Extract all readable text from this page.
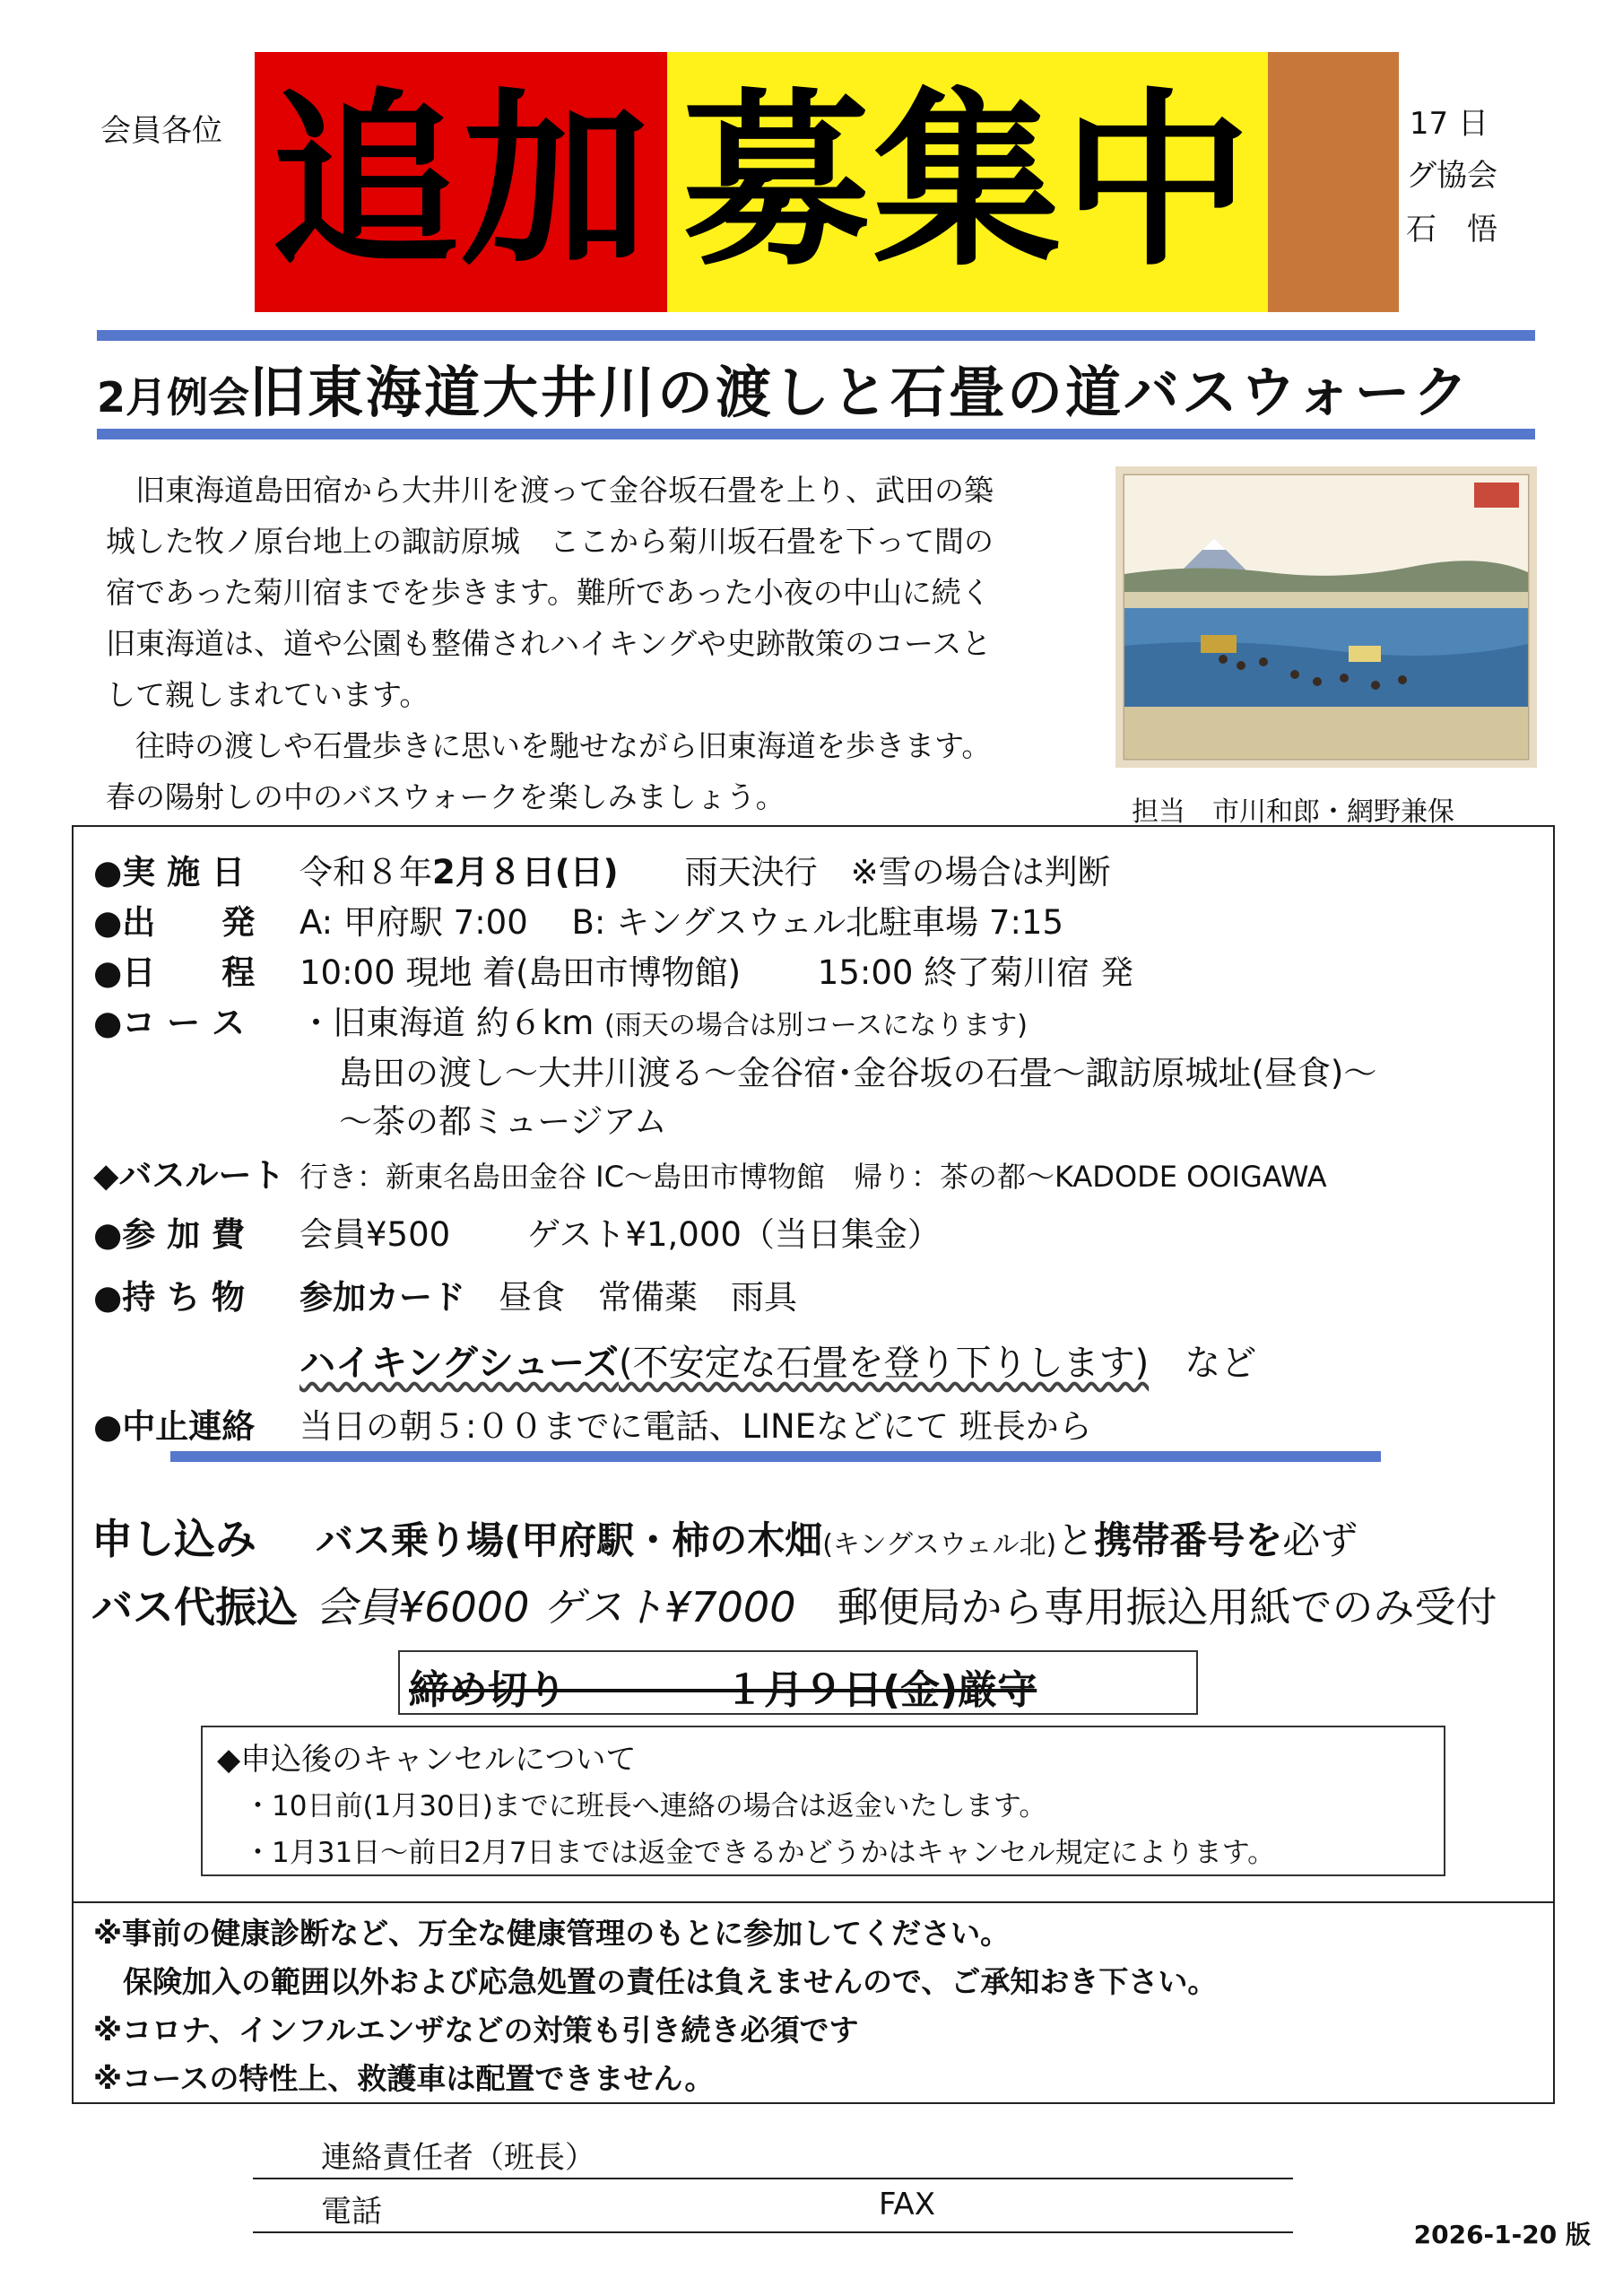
会員各位	17 日
グ協会
石　悟
追加 募集中
2月例会旧東海道大井川の渡しと石畳の道バスウォーク

旧東海道島田宿から大井川を渡って金谷坂石畳を上り、武田の築
城した牧ノ原台地上の諏訪原城　ここから菊川坂石畳を下って間の
宿であった菊川宿までを歩きます。難所であった小夜の中山に続く
旧東海道は、道や公園も整備されハイキングや史跡散策のコースと
して親しまれています。

往時の渡しや石畳歩きに思いを馳せながら旧東海道を歩きます。
春の陽射しの中のバスウォークを楽しみましょう。	担当　市川和郎・網野兼保
●実 施 日 令和８年2月８日(日)　　 雨天決行　 ※雪の場合は判断
●出　　発 A: 甲府駅 7:00　 B: キングスウェル北駐車場 7:15
●日　　程 10:00 現地 着(島田市博物館)　　 15:00 終了菊川宿 発
●コ ー ス ・旧東海道 約６km (雨天の場合は別コースになります)
島田の渡し～大井川渡る～金谷宿･金谷坂の石畳～諏訪原城址(昼食)～
～茶の都ミュージアム
◆バスルート 行き：新東名島田金谷 IC～島田市博物館　 帰り：茶の都～KADODE OOIGAWA
●参 加 費 会員¥500　　 ゲスト¥1,000（当日集金）
●持 ち 物 参加カード　 昼食　常備薬　雨具
ハイキングシューズ(不安定な石畳を登り下りします)　 など
●中止連絡 当日の朝５:００までに電話、LINEなどにて 班長から
申し込み バス乗り場(甲府駅・柿の木畑(キングスウェル北)と携帯番号を必ず
バス代振込 会員¥6000 ゲスト¥7000　 郵便局から専用振込用紙でのみ受付
締め切り　　　　	１月９日(金)厳守
◆申込後のキャンセルについて
・10日前(1月30日)までに班長へ連絡の場合は返金いたします。
・1月31日～前日2月7日までは返金できるかどうかはキャンセル規定によります。
※事前の健康診断など、万全な健康管理のもとに参加してください。
　保険加入の範囲以外および応急処置の責任は負えませんので、ご承知おき下さい。
※コロナ、インフルエンザなどの対策も引き続き必須です
※コースの特性上、救護車は配置できません。
連絡責任者（班長）
電話	FAX
2026-1-20 版
